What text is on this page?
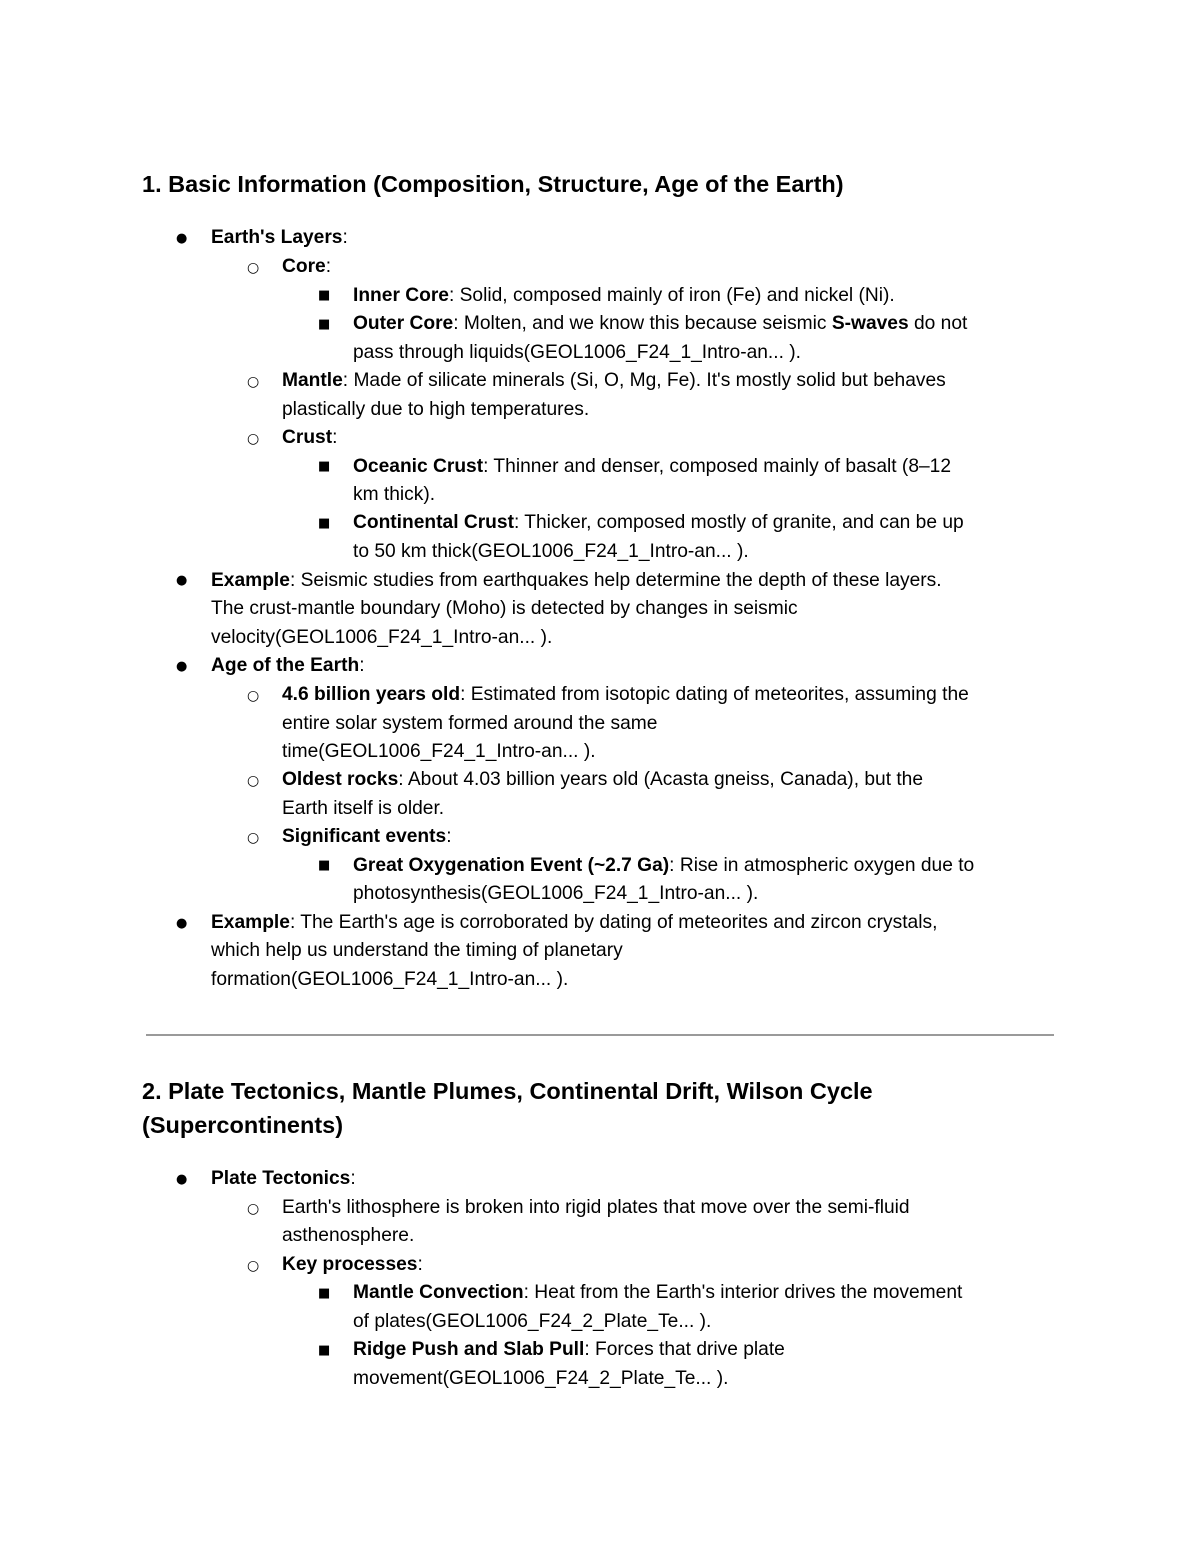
1. Basic Information (Composition, Structure, Age of the Earth)
● Earth's Layers:
○ Core:
■ Inner Core: Solid, composed mainly of iron (Fe) and nickel (Ni).
■ Outer Core: Molten, and we know this because seismic S-waves do not
pass through liquids(GEOL1006_F24_1_Intro-an... ).
○ Mantle: Made of silicate minerals (Si, O, Mg, Fe). It's mostly solid but behaves
plastically due to high temperatures.
○ Crust:
■ Oceanic Crust: Thinner and denser, composed mainly of basalt (8–12
km thick).
■ Continental Crust: Thicker, composed mostly of granite, and can be up
to 50 km thick(GEOL1006_F24_1_Intro-an... ).
● Example: Seismic studies from earthquakes help determine the depth of these layers.
The crust-mantle boundary (Moho) is detected by changes in seismic
velocity(GEOL1006_F24_1_Intro-an... ).
● Age of the Earth:
○ 4.6 billion years old: Estimated from isotopic dating of meteorites, assuming the
entire solar system formed around the same
time(GEOL1006_F24_1_Intro-an... ).
○ Oldest rocks: About 4.03 billion years old (Acasta gneiss, Canada), but the
Earth itself is older.
○ Significant events:
■ Great Oxygenation Event (~2.7 Ga): Rise in atmospheric oxygen due to
photosynthesis(GEOL1006_F24_1_Intro-an... ).
● Example: The Earth's age is corroborated by dating of meteorites and zircon crystals,
which help us understand the timing of planetary
formation(GEOL1006_F24_1_Intro-an... ).
2. Plate Tectonics, Mantle Plumes, Continental Drift, Wilson Cycle (Supercontinents)
● Plate Tectonics:
○ Earth's lithosphere is broken into rigid plates that move over the semi-fluid
asthenosphere.
○ Key processes:
■ Mantle Convection: Heat from the Earth's interior drives the movement
of plates(GEOL1006_F24_2_Plate_Te... ).
■ Ridge Push and Slab Pull: Forces that drive plate
movement(GEOL1006_F24_2_Plate_Te... ).
